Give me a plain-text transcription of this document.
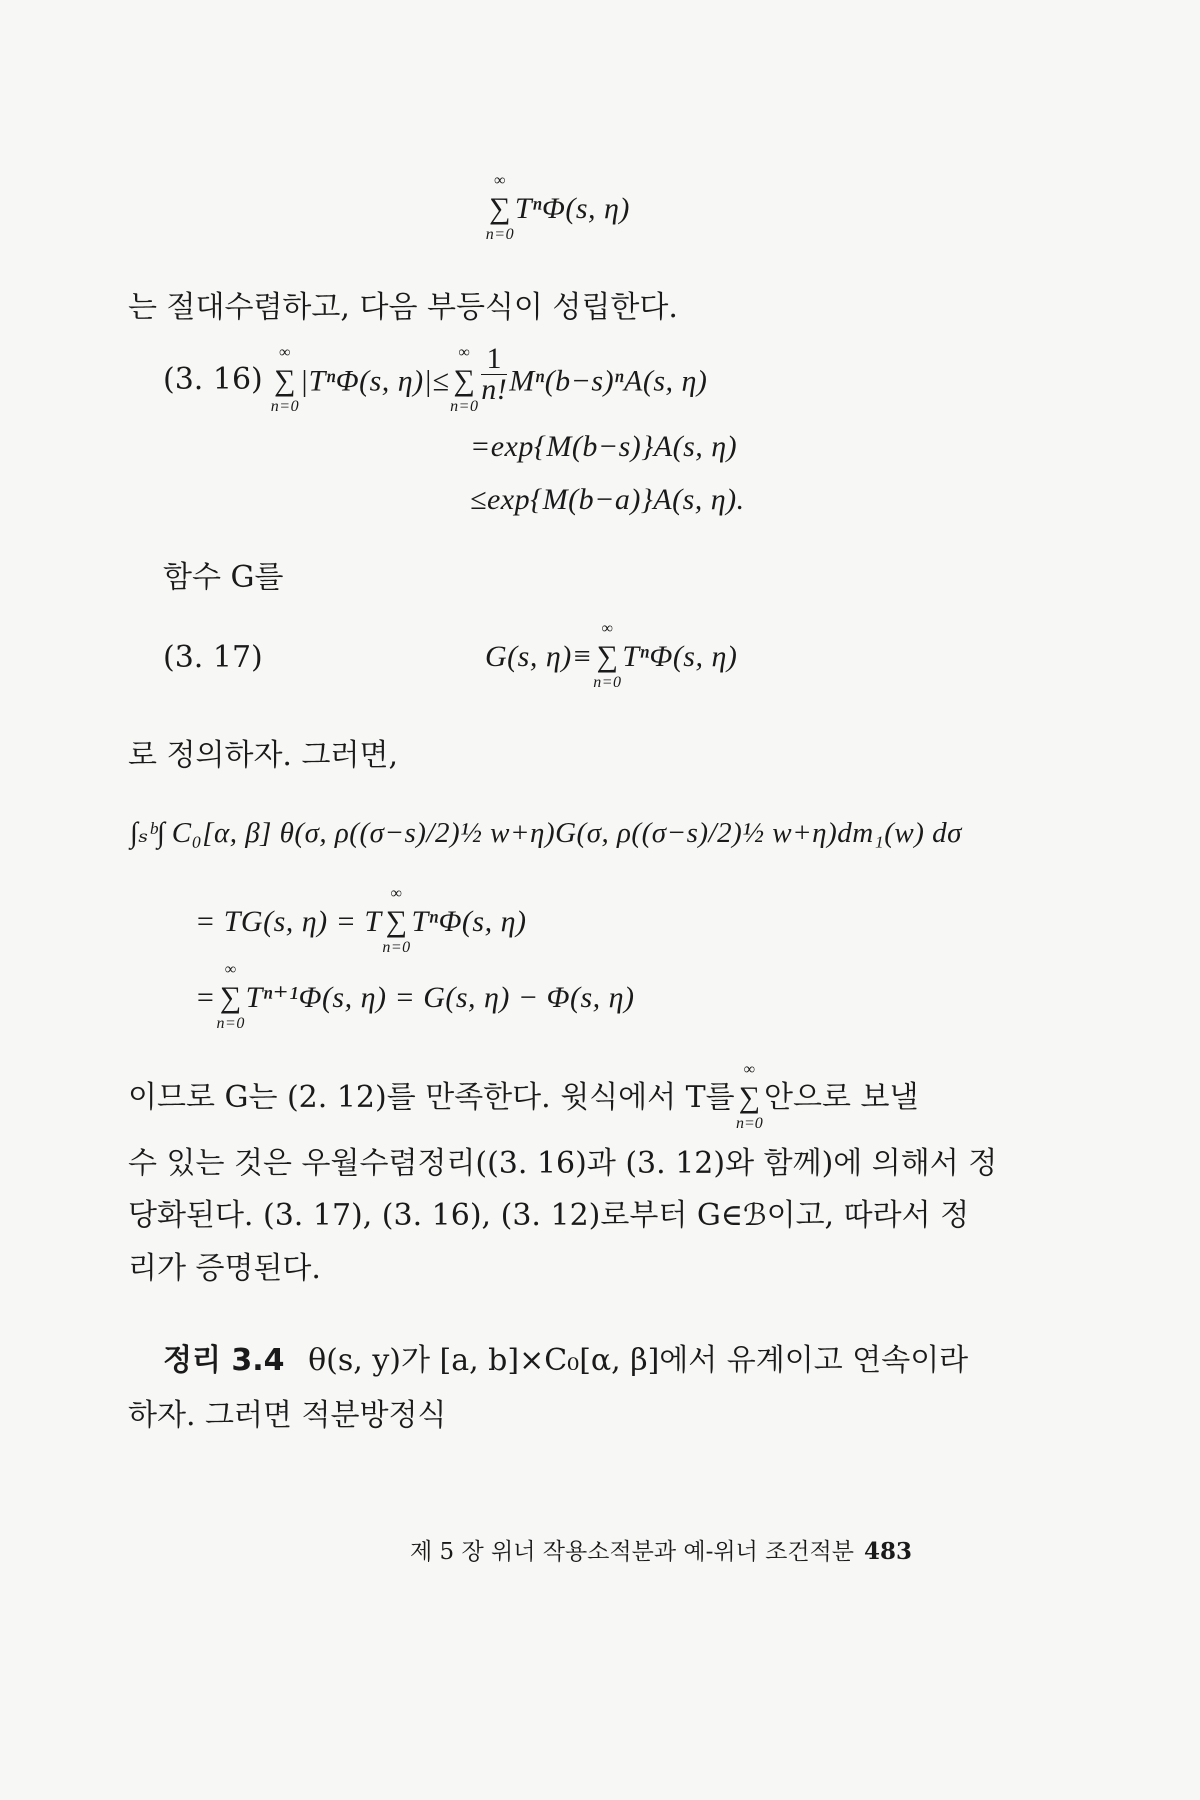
∑
∞
n=0
TⁿΦ(s, η)
는 절대수렴하고, 다음 부등식이 성립한다.
(3. 16) ∑
∞
n=0
|TⁿΦ(s, η)|≤ ∑
∞
n=0
$\frac{1}{n!} M^n(b-s)^nA(s$, η)
=exp{M(b−s)}A(s, η)
≤exp{M(b−a)}A(s, η).
함수 G를
(3. 17)	G(s, η)≡ ∑
∞
n=0
TⁿΦ(s, η)
로 정의하자. 그러면,
∫ₛᵇ∫ C₀[α, β] θ(σ, ρ((σ−s)/2)½ w+η)G(σ, ρ((σ−s)/2)½ w+η)dm₁(w) dσ
= TG(s, η) = T ∑
∞
n=0
TⁿΦ(s, η)
= ∑
∞
n=0
Tⁿ⁺¹Φ(s, η) = G(s, η) − Φ(s, η)
이므로 G는 (2. 12)를 만족한다. 윗식에서 T를 ∑
∞
n=0
안으로 보낼
수 있는 것은 우월수렴정리((3. 16)과 (3. 12)와 함께)에 의해서 정
당화된다. (3. 17), (3. 16), (3. 12)로부터 G∈ℬ이고, 따라서 정
리가 증명된다.
정리 3.4 θ(s, y)가 [a, b]×C₀[α, β]에서 유계이고 연속이라
하자. 그러면 적분방정식
제 5 장 위너 작용소적분과 예-위너 조건적분 483
